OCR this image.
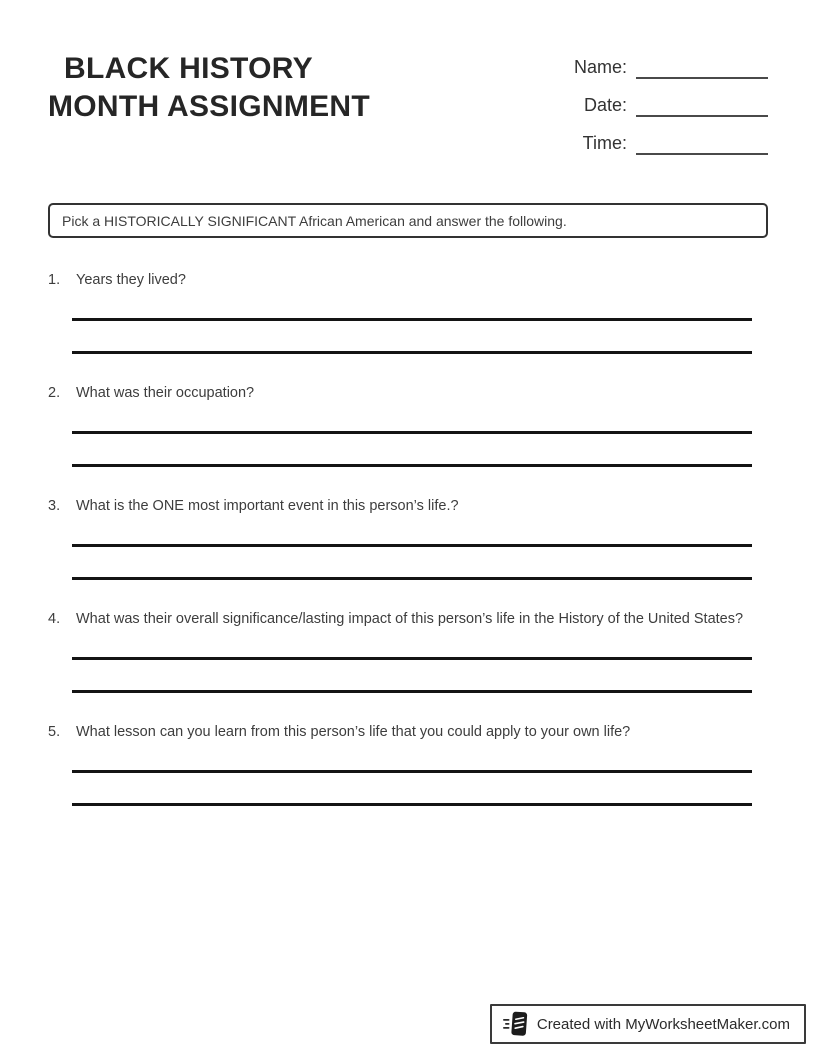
BLACK HISTORY
MONTH ASSIGNMENT
Name:
Date:
Time:
Pick a HISTORICALLY SIGNIFICANT African American and answer the following.
1.	Years they lived?
2.	What was their occupation?
3.	What is the ONE most important event in this person’s life.?
4.	What was their overall significance/lasting impact of this person’s life in the History of the United States?
5.	What lesson can you learn from this person’s life that you could apply to your own life?
Created with MyWorksheetMaker.com
